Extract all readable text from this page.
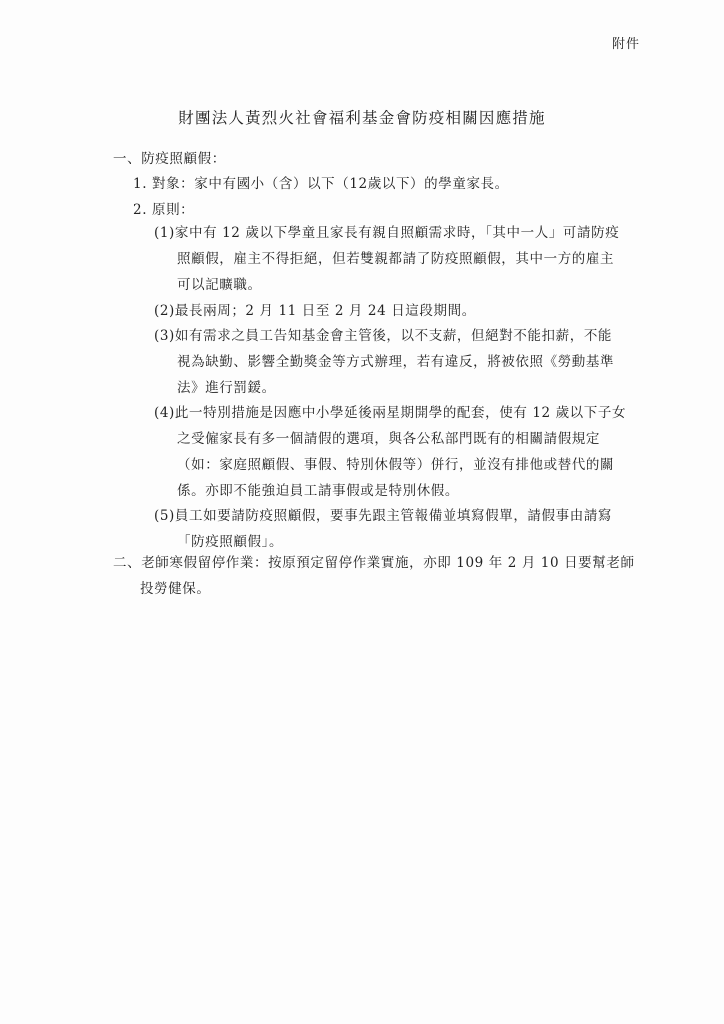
附件
財團法人黃烈火社會福利基金會防疫相關因應措施
一、防疫照顧假：
1. 對象：家中有國小（含）以下（12歲以下）的學童家長。
2. 原則：
(1)家中有 12 歲以下學童且家長有親自照顧需求時，「其中一人」可請防疫
照顧假，雇主不得拒絕，但若雙親都請了防疫照顧假，其中一方的雇主
可以記曠職。
(2)最長兩周；2 月 11 日至 2 月 24 日這段期間。
(3)如有需求之員工告知基金會主管後，以不支薪，但絕對不能扣薪，不能
視為缺勤、影響全勤獎金等方式辦理，若有違反，將被依照《勞動基準
法》進行罰鍰。
(4)此一特別措施是因應中小學延後兩星期開學的配套，使有 12 歲以下子女
之受僱家長有多一個請假的選項，與各公私部門既有的相關請假規定
（如：家庭照顧假、事假、特別休假等）併行，並沒有排他或替代的關
係。亦即不能強迫員工請事假或是特別休假。
(5)員工如要請防疫照顧假，要事先跟主管報備並填寫假單，請假事由請寫
「防疫照顧假」。
二、老師寒假留停作業：按原預定留停作業實施，亦即 109 年 2 月 10 日要幫老師
投勞健保。
